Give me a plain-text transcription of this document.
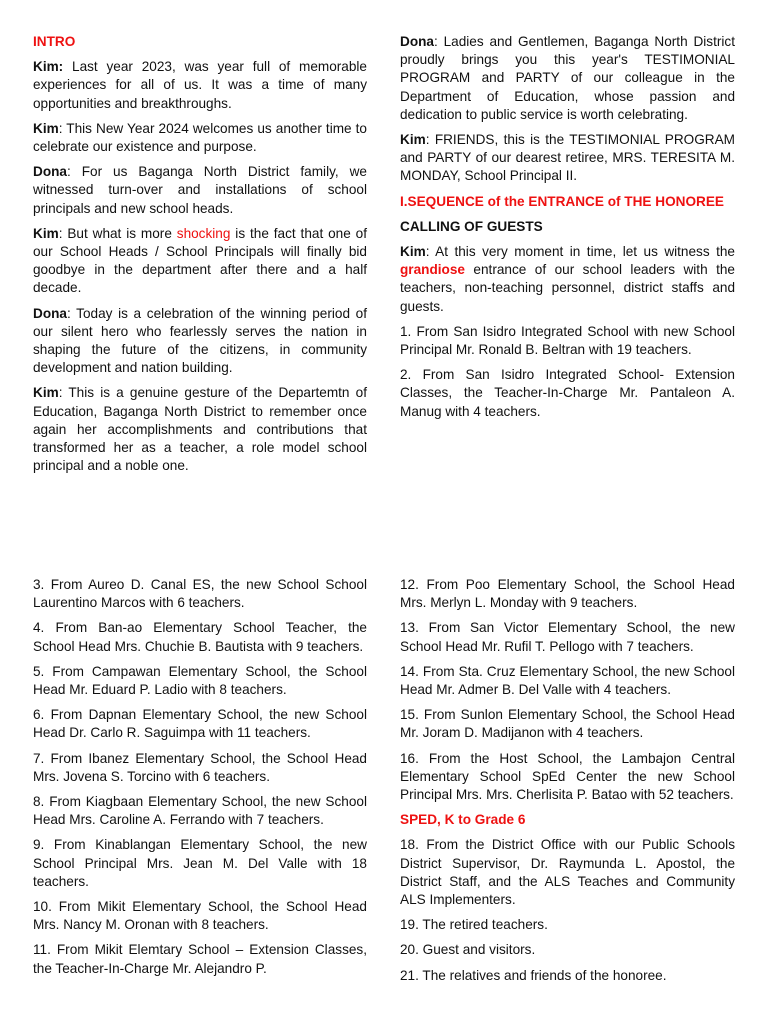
INTRO

Kim: Last year 2023, was year full of memorable experiences for all of us. It was a time of many opportunities and breakthroughs.

Kim: This New Year 2024 welcomes us another time to celebrate our existence and purpose.

Dona: For us Baganga North District family, we witnessed turn-over and installations of school principals and new school heads.

Kim: But what is more shocking is the fact that one of our School Heads / School Principals will finally bid goodbye in the department after there and a half decade.

Dona: Today is a celebration of the winning period of our silent hero who fearlessly serves the nation in shaping the future of the citizens, in community development and nation building.

Kim: This is a genuine gesture of the Departemtn of Education, Baganga North District to remember once again her accomplishments and contributions that transformed her as a teacher, a role model school principal and a noble one.

Dona: Ladies and Gentlemen, Baganga North District proudly brings you this year's TESTIMONIAL PROGRAM and PARTY of our colleague in the Department of Education, whose passion and dedication to public service is worth celebrating.

Kim: FRIENDS, this is the TESTIMONIAL PROGRAM and PARTY of our dearest retiree, MRS. TERESITA M. MONDAY, School Principal II.

I.SEQUENCE of the ENTRANCE of THE HONOREE

CALLING OF GUESTS

Kim: At this very moment in time, let us witness the grandiose entrance of our school leaders with the teachers, non-teaching personnel, district staffs and guests.

1. From San Isidro Integrated School with new School Principal Mr. Ronald B. Beltran with 19 teachers.

2. From San Isidro Integrated School- Extension Classes, the Teacher-In-Charge Mr. Pantaleon A. Manug with 4 teachers.

3. From Aureo D. Canal ES, the new School School Laurentino Marcos with 6 teachers.

4. From Ban-ao Elementary School Teacher, the School Head Mrs. Chuchie B. Bautista with 9 teachers.

5. From Campawan Elementary School, the School Head Mr. Eduard P. Ladio with 8 teachers.

6. From Dapnan Elementary School, the new School Head Dr. Carlo R. Saguimpa with 11 teachers.

7. From Ibanez Elementary School, the School Head Mrs. Jovena S. Torcino with 6 teachers.

8. From Kiagbaan Elementary School, the new School Head Mrs. Caroline A. Ferrando with 7 teachers.

9. From Kinablangan Elementary School, the new School Principal Mrs. Jean M. Del Valle with 18 teachers.

10. From Mikit Elementary School, the School Head Mrs. Nancy M. Oronan with 8 teachers.

11. From Mikit Elemtary School – Extension Classes, the Teacher-In-Charge Mr. Alejandro P.

12. From Poo Elementary School, the School Head Mrs. Merlyn L. Monday with 9 teachers.

13. From San Victor Elementary School, the new School Head Mr. Rufil T. Pellogo with 7 teachers.

14. From Sta. Cruz Elementary School, the new School Head Mr. Admer B. Del Valle with 4 teachers.

15. From Sunlon Elementary School, the School Head Mr. Joram D. Madijanon with 4 teachers.

16. From the Host School, the Lambajon Central Elementary School SpEd Center the new School Principal Mrs. Mrs. Cherlisita P. Batao with 52 teachers.

SPED, K to Grade 6

18. From the District Office with our Public Schools District Supervisor, Dr. Raymunda L. Apostol, the District Staff, and the ALS Teaches and Community ALS Implementers.

19. The retired teachers.

20. Guest and visitors.

21. The relatives and friends of the honoree.
